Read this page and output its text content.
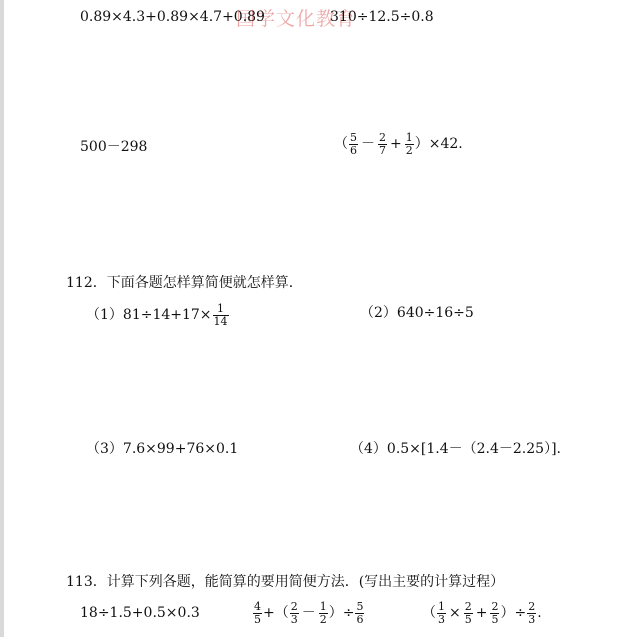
国学文化教育
0.89×4.3+0.89×4.7+0.89	310÷12.5÷0.8
500－298	（ $\frac{5}{6} - \frac{2}{7} + \frac{1}{2} )\times 42$.
112．下面各题怎样算简便就怎样算．
$(1)81\div 14+17\times \frac{1}{14}$	（2）640÷16÷5
（3）7.6×99+76×0.1	（4）0.5×[1.4－（2.4－2.25）].
113．计算下列各题，能简算的要用简便方法．(写出主要的计算过程）
18÷1.5+0.5×0.3	$\frac{4}{5}$ +（ $\frac{2}{3} - \frac{1}{2}$ ）÷ $\frac{5}{6}$	（ $\frac{1}{3} \times \frac{2}{5} + \frac{2}{5}$ ）÷ $\frac{2}{3}$ .
